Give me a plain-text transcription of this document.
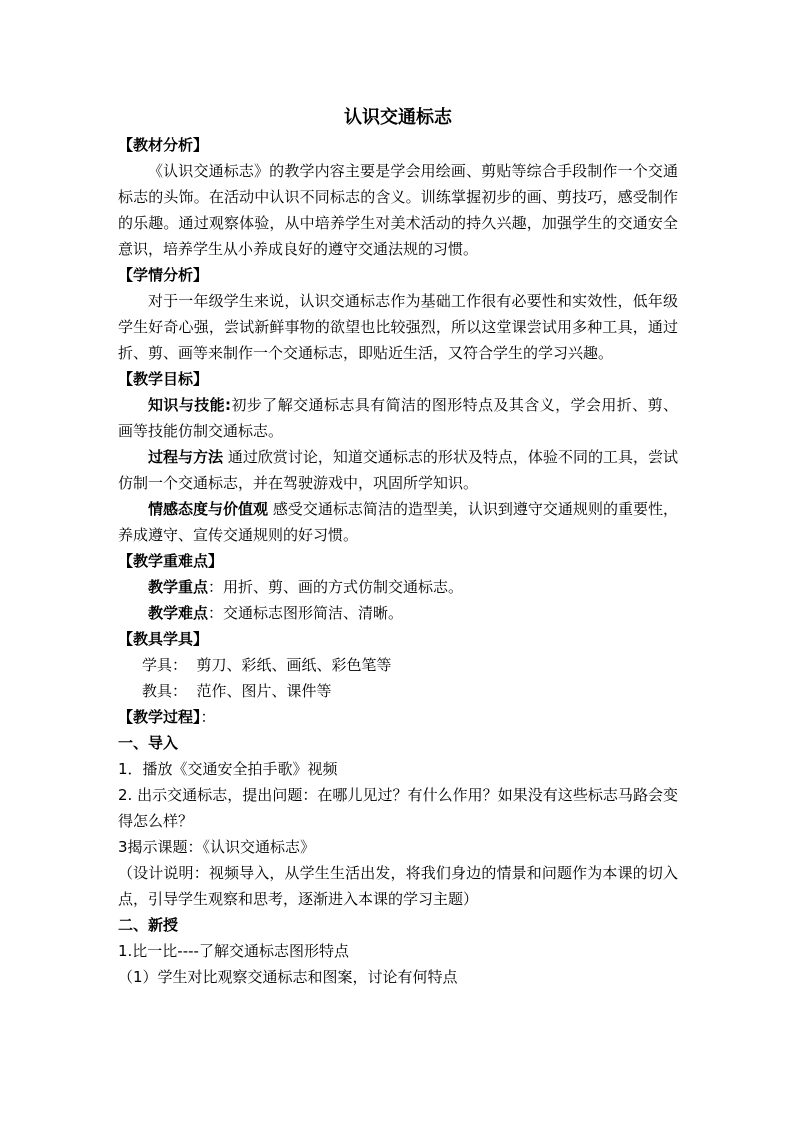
认识交通标志
【教材分析】

《认识交通标志》的教学内容主要是学会用绘画、剪贴等综合手段制作一个交通标志的头饰。在活动中认识不同标志的含义。训练掌握初步的画、剪技巧，感受制作的乐趣。通过观察体验，从中培养学生对美术活动的持久兴趣，加强学生的交通安全意识，培养学生从小养成良好的遵守交通法规的习惯。

【学情分析】

对于一年级学生来说，认识交通标志作为基础工作很有必要性和实效性，低年级学生好奇心强，尝试新鲜事物的欲望也比较强烈，所以这堂课尝试用多种工具，通过折、剪、画等来制作一个交通标志，即贴近生活，又符合学生的学习兴趣。

【教学目标】

知识与技能:初步了解交通标志具有简洁的图形特点及其含义，学会用折、剪、画等技能仿制交通标志。

过程与方法 通过欣赏讨论，知道交通标志的形状及特点，体验不同的工具，尝试仿制一个交通标志，并在驾驶游戏中，巩固所学知识。

情感态度与价值观 感受交通标志简洁的造型美，认识到遵守交通规则的重要性，养成遵守、宣传交通规则的好习惯。

【教学重难点】

教学重点：用折、剪、画的方式仿制交通标志。

教学难点：交通标志图形简洁、清晰。

【教具学具】

学具：  剪刀、彩纸、画纸、彩色笔等

教具：  范作、图片、课件等

【教学过程】：
一、导入

1．播放《交通安全拍手歌》视频

2. 出示交通标志，提出问题：在哪儿见过？有什么作用？如果没有这些标志马路会变得怎么样？

3揭示课题：《认识交通标志》

（设计说明：视频导入，从学生生活出发，将我们身边的情景和问题作为本课的切入点，引导学生观察和思考，逐渐进入本课的学习主题）

二、新授

1.比一比----了解交通标志图形特点

（1）学生对比观察交通标志和图案，讨论有何特点
